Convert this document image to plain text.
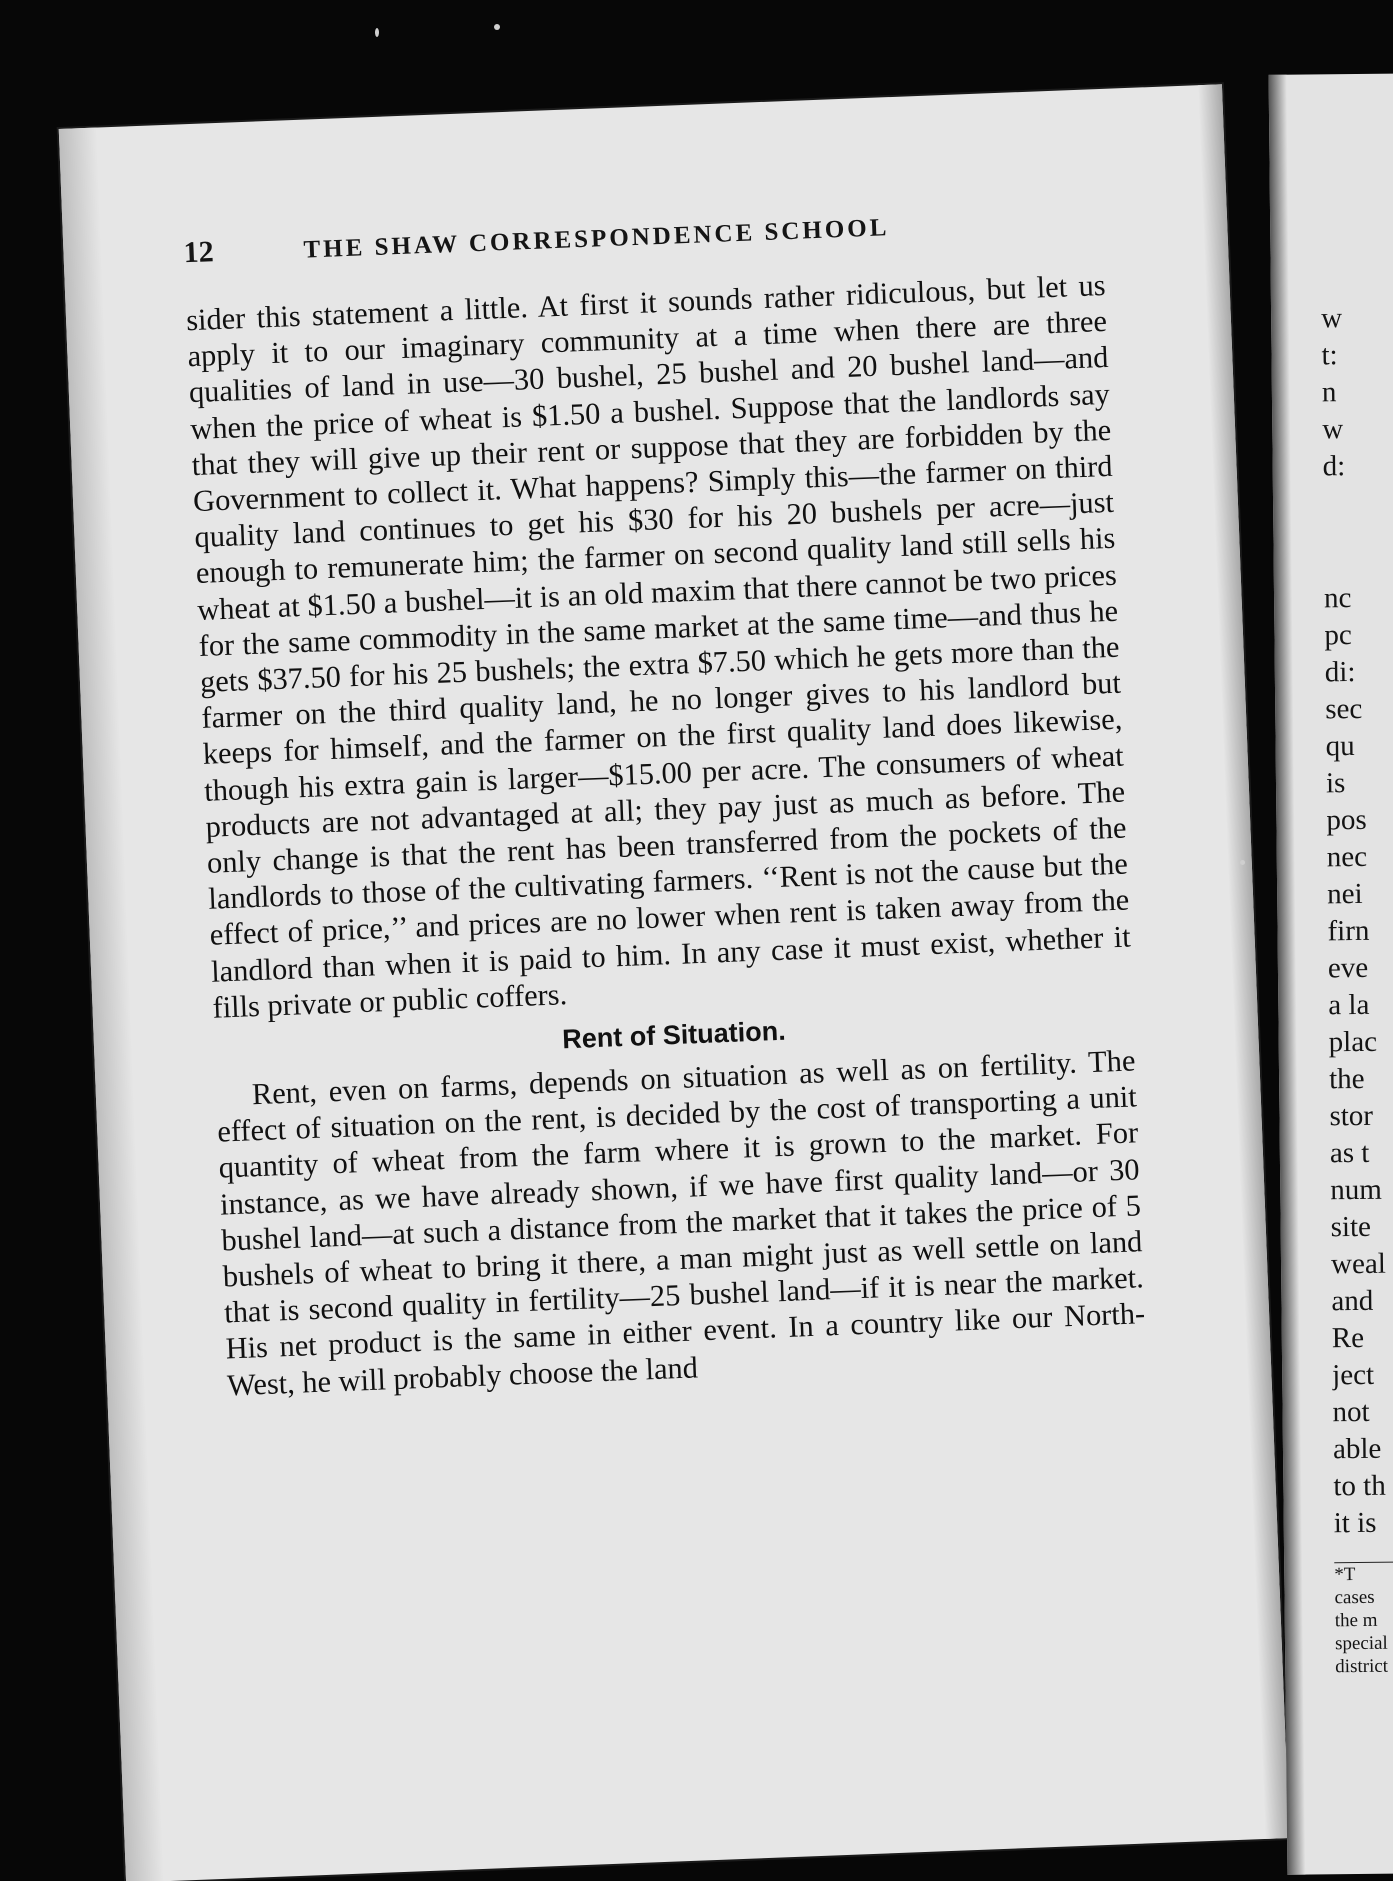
12	THE SHAW CORRESPONDENCE SCHOOL

sider this statement a little. At first it sounds rather ridiculous, but let us apply it to our imaginary community at a time when there are three qualities of land in use—30 bushel, 25 bushel and 20 bushel land—and when the price of wheat is $1.50 a bushel. Suppose that the landlords say that they will give up their rent or suppose that they are forbidden by the Government to collect it. What happens? Simply this—the farmer on third quality land continues to get his $30 for his 20 bushels per acre—just enough to remunerate him; the farmer on second quality land still sells his wheat at $1.50 a bushel—it is an old maxim that there cannot be two prices for the same commodity in the same market at the same time—and thus he gets $37.50 for his 25 bushels; the extra $7.50 which he gets more than the farmer on the third quality land, he no longer gives to his landlord but keeps for himself, and the farmer on the first quality land does likewise, though his extra gain is larger—$15.00 per acre. The consumers of wheat products are not advantaged at all; they pay just as much as before. The only change is that the rent has been transferred from the pockets of the landlords to those of the cultivating farmers. ‘‘Rent is not the cause but the effect of price,’’ and prices are no lower when rent is taken away from the landlord than when it is paid to him. In any case it must exist, whether it fills private or public coffers.

Rent of Situation.

Rent, even on farms, depends on situation as well as on fertility. The effect of situation on the rent, is decided by the cost of transporting a unit quantity of wheat from the farm where it is grown to the market. For instance, as we have already shown, if we have first quality land—or 30 bushel land—at such a distance from the market that it takes the price of 5 bushels of wheat to bring it there, a man might just as well settle on land that is second quality in fertility—25 bushel land—if it is near the market. His net product is the same in either event. In a country like our North-West, he will probably choose the land

w
t:
n
w
d:
nc
pc
di:
sec
qu
is
pos
nec
nei
firn
eve
a la
plac
the
stor
as t
num
site
weal
and
Re
ject
not
able
to th
it is
*T
cases
the m
special
district
